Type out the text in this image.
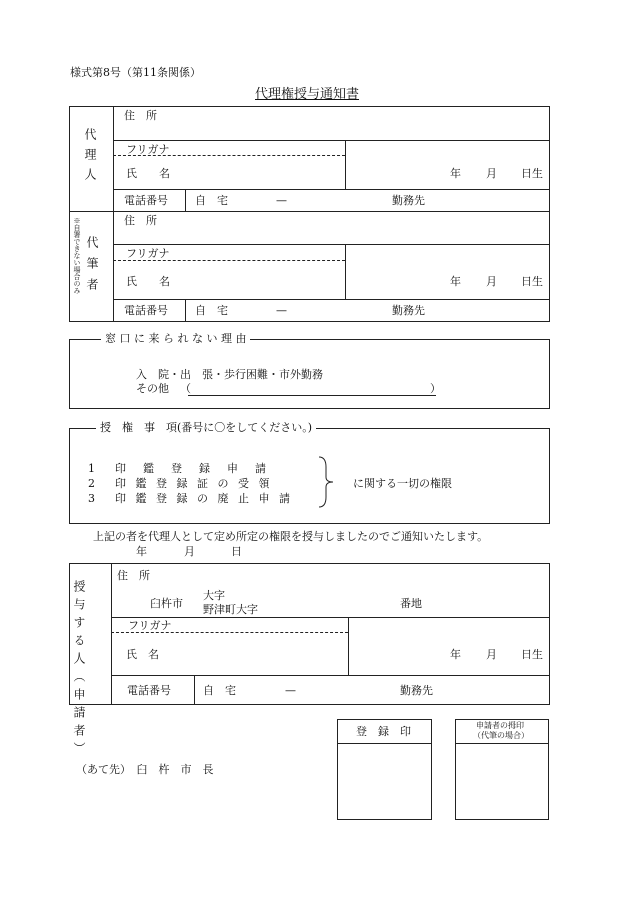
様式第8号（第11条関係）
代理権授与通知書
代理人
住　所
フリガナ
氏　　名	年 月 日生
電話番号 自　宅	—	勤務先
※自署できない場合のみ 代筆者
住　所
フリガナ
氏　　名	年 月 日生
電話番号 自　宅	—	勤務先
窓 口 に 来 ら れ な い 理 由
入　院・出　張・歩行困難・市外勤務
その他 （	）
授　権　事　項(番号に〇をしてください。)
1 印　鑑　登　録　申　請
2 印 鑑 登 録 証 の 受 領
3 印 鑑 登 録 の 廃 止 申 請
に関する一切の権限
上記の者を代理人として定め所定の権限を授与しましたのでご通知いたします。
年	月	日
授与する人（申請者）
住　所
臼杵市
大字
野津町大字	番地
フリガナ
氏　名	年 月 日生
電話番号	自　宅	—	勤務先
（あて先）　臼　杵　市　長
登　録　印	申請者の拇印
（代筆の場合）
